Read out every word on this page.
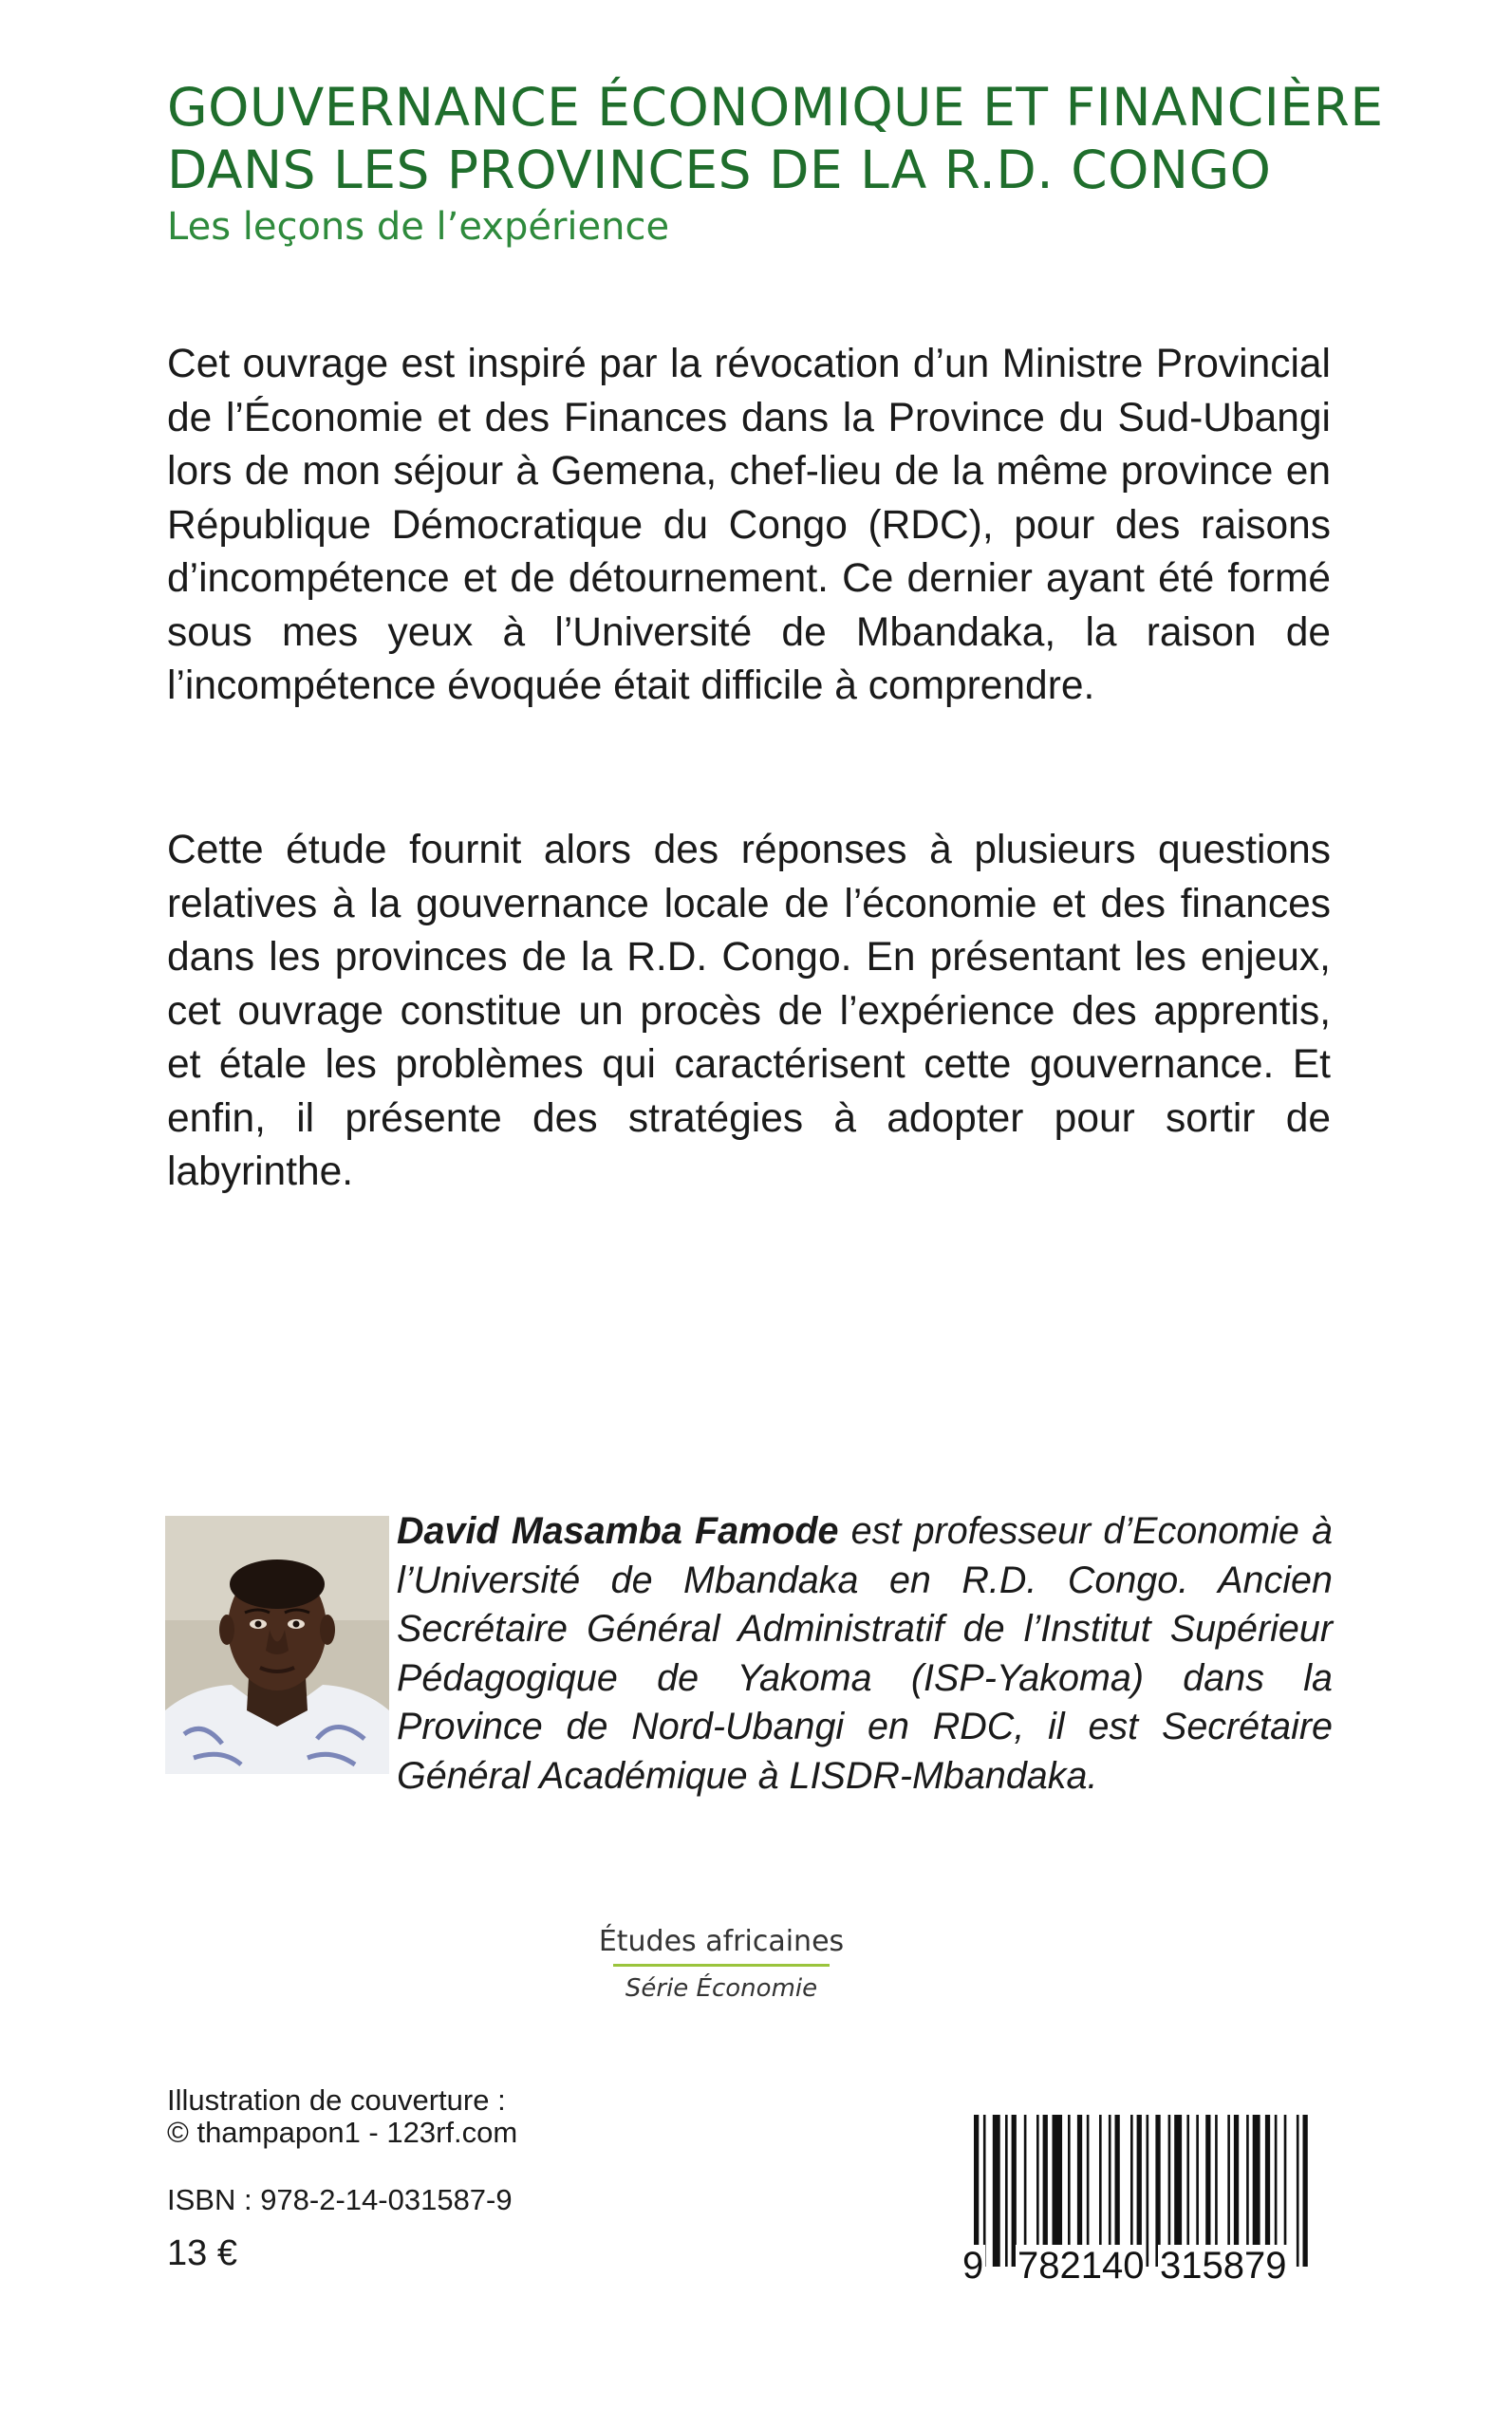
GOUVERNANCE ÉCONOMIQUE ET FINANCIÈRE
DANS LES PROVINCES DE LA R.D. CONGO
Les leçons de l’expérience

Cet ouvrage est inspiré par la révocation d’un Ministre Provincial de l’Économie et des Finances dans la Province du Sud-Ubangi lors de mon séjour à Gemena, chef-lieu de la même province en République Démocratique du Congo (RDC), pour des raisons d’incompétence et de détournement. Ce dernier ayant été formé sous mes yeux à l’Université de Mbandaka, la raison de l’incompétence évoquée était difficile à comprendre.

Cette étude fournit alors des réponses à plusieurs questions relatives à la gouvernance locale de l’économie et des finances dans les provinces de la R.D. Congo. En présentant les enjeux, cet ouvrage constitue un procès de l’expérience des apprentis, et étale les problèmes qui caractérisent cette gouvernance. Et enfin, il présente des stratégies à adopter pour sortir de labyrinthe.

David Masamba Famode est professeur d’Economie à l’Université de Mbandaka en R.D. Congo. Ancien Secrétaire Général Administratif de l’Institut Supérieur Pédagogique de Yakoma (ISP-Yakoma) dans la Province de Nord-Ubangi en RDC, il est Secrétaire Général Académique à LISDR-Mbandaka.

Études africaines
Série Économie
Illustration de couverture :
© thampapon1 - 123rf.com
ISBN : 978-2-14-031587-9
13 €	9 782140 315879
